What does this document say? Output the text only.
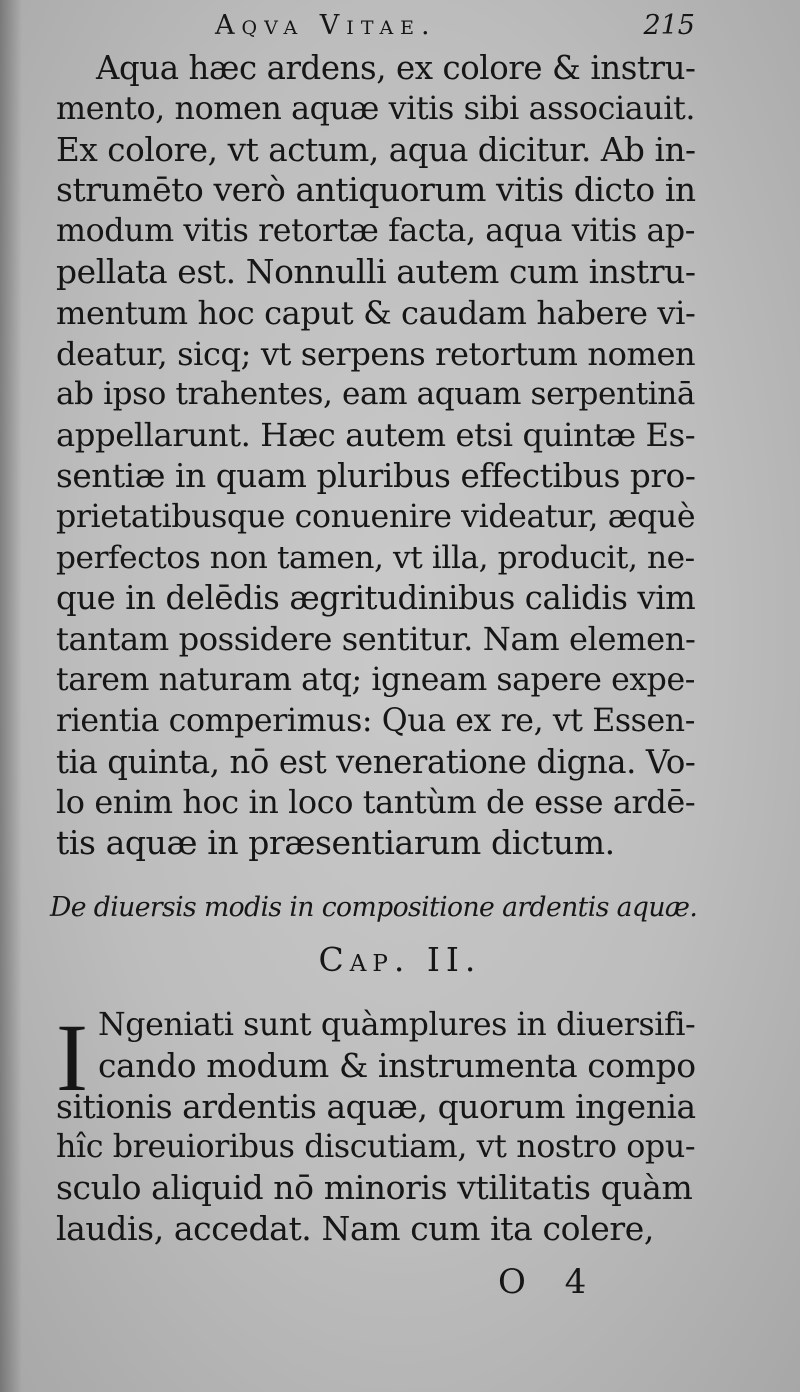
Aqva Vitae.	215
Aqua hæc ardens, ex colore & instru-
mento, nomen aquæ vitis sibi associauit.
Ex colore, vt actum, aqua dicitur. Ab in-
strumēto verò antiquorum vitis dicto in
modum vitis retortæ facta, aqua vitis ap-
pellata est. Nonnulli autem cum instru-
mentum hoc caput & caudam habere vi-
deatur, sicq; vt serpens retortum nomen
ab ipso trahentes, eam aquam serpentinā
appellarunt. Hæc autem etsi quintæ Es-
sentiæ in quam pluribus effectibus pro-
prietatibusque conuenire videatur, æquè
perfectos non tamen, vt illa, producit, ne-
que in delēdis ægritudinibus calidis vim
tantam possidere sentitur. Nam elemen-
tarem naturam atq; igneam sapere expe-
rientia comperimus: Qua ex re, vt Essen-
tia quinta, nō est veneratione digna. Vo-
lo enim hoc in loco tantùm de esse ardē-
tis aquæ in præsentiarum dictum.
De diuersis modis in compositione ardentis aquæ.
Cap. II.
I Ngeniati sunt quàmplures in diuersifi-
cando modum & instrumenta compo
sitionis ardentis aquæ, quorum ingenia
hîc breuioribus discutiam, vt nostro opu-
sculo aliquid nō minoris vtilitatis quàm
laudis, accedat. Nam cum ita colere,
O 4
